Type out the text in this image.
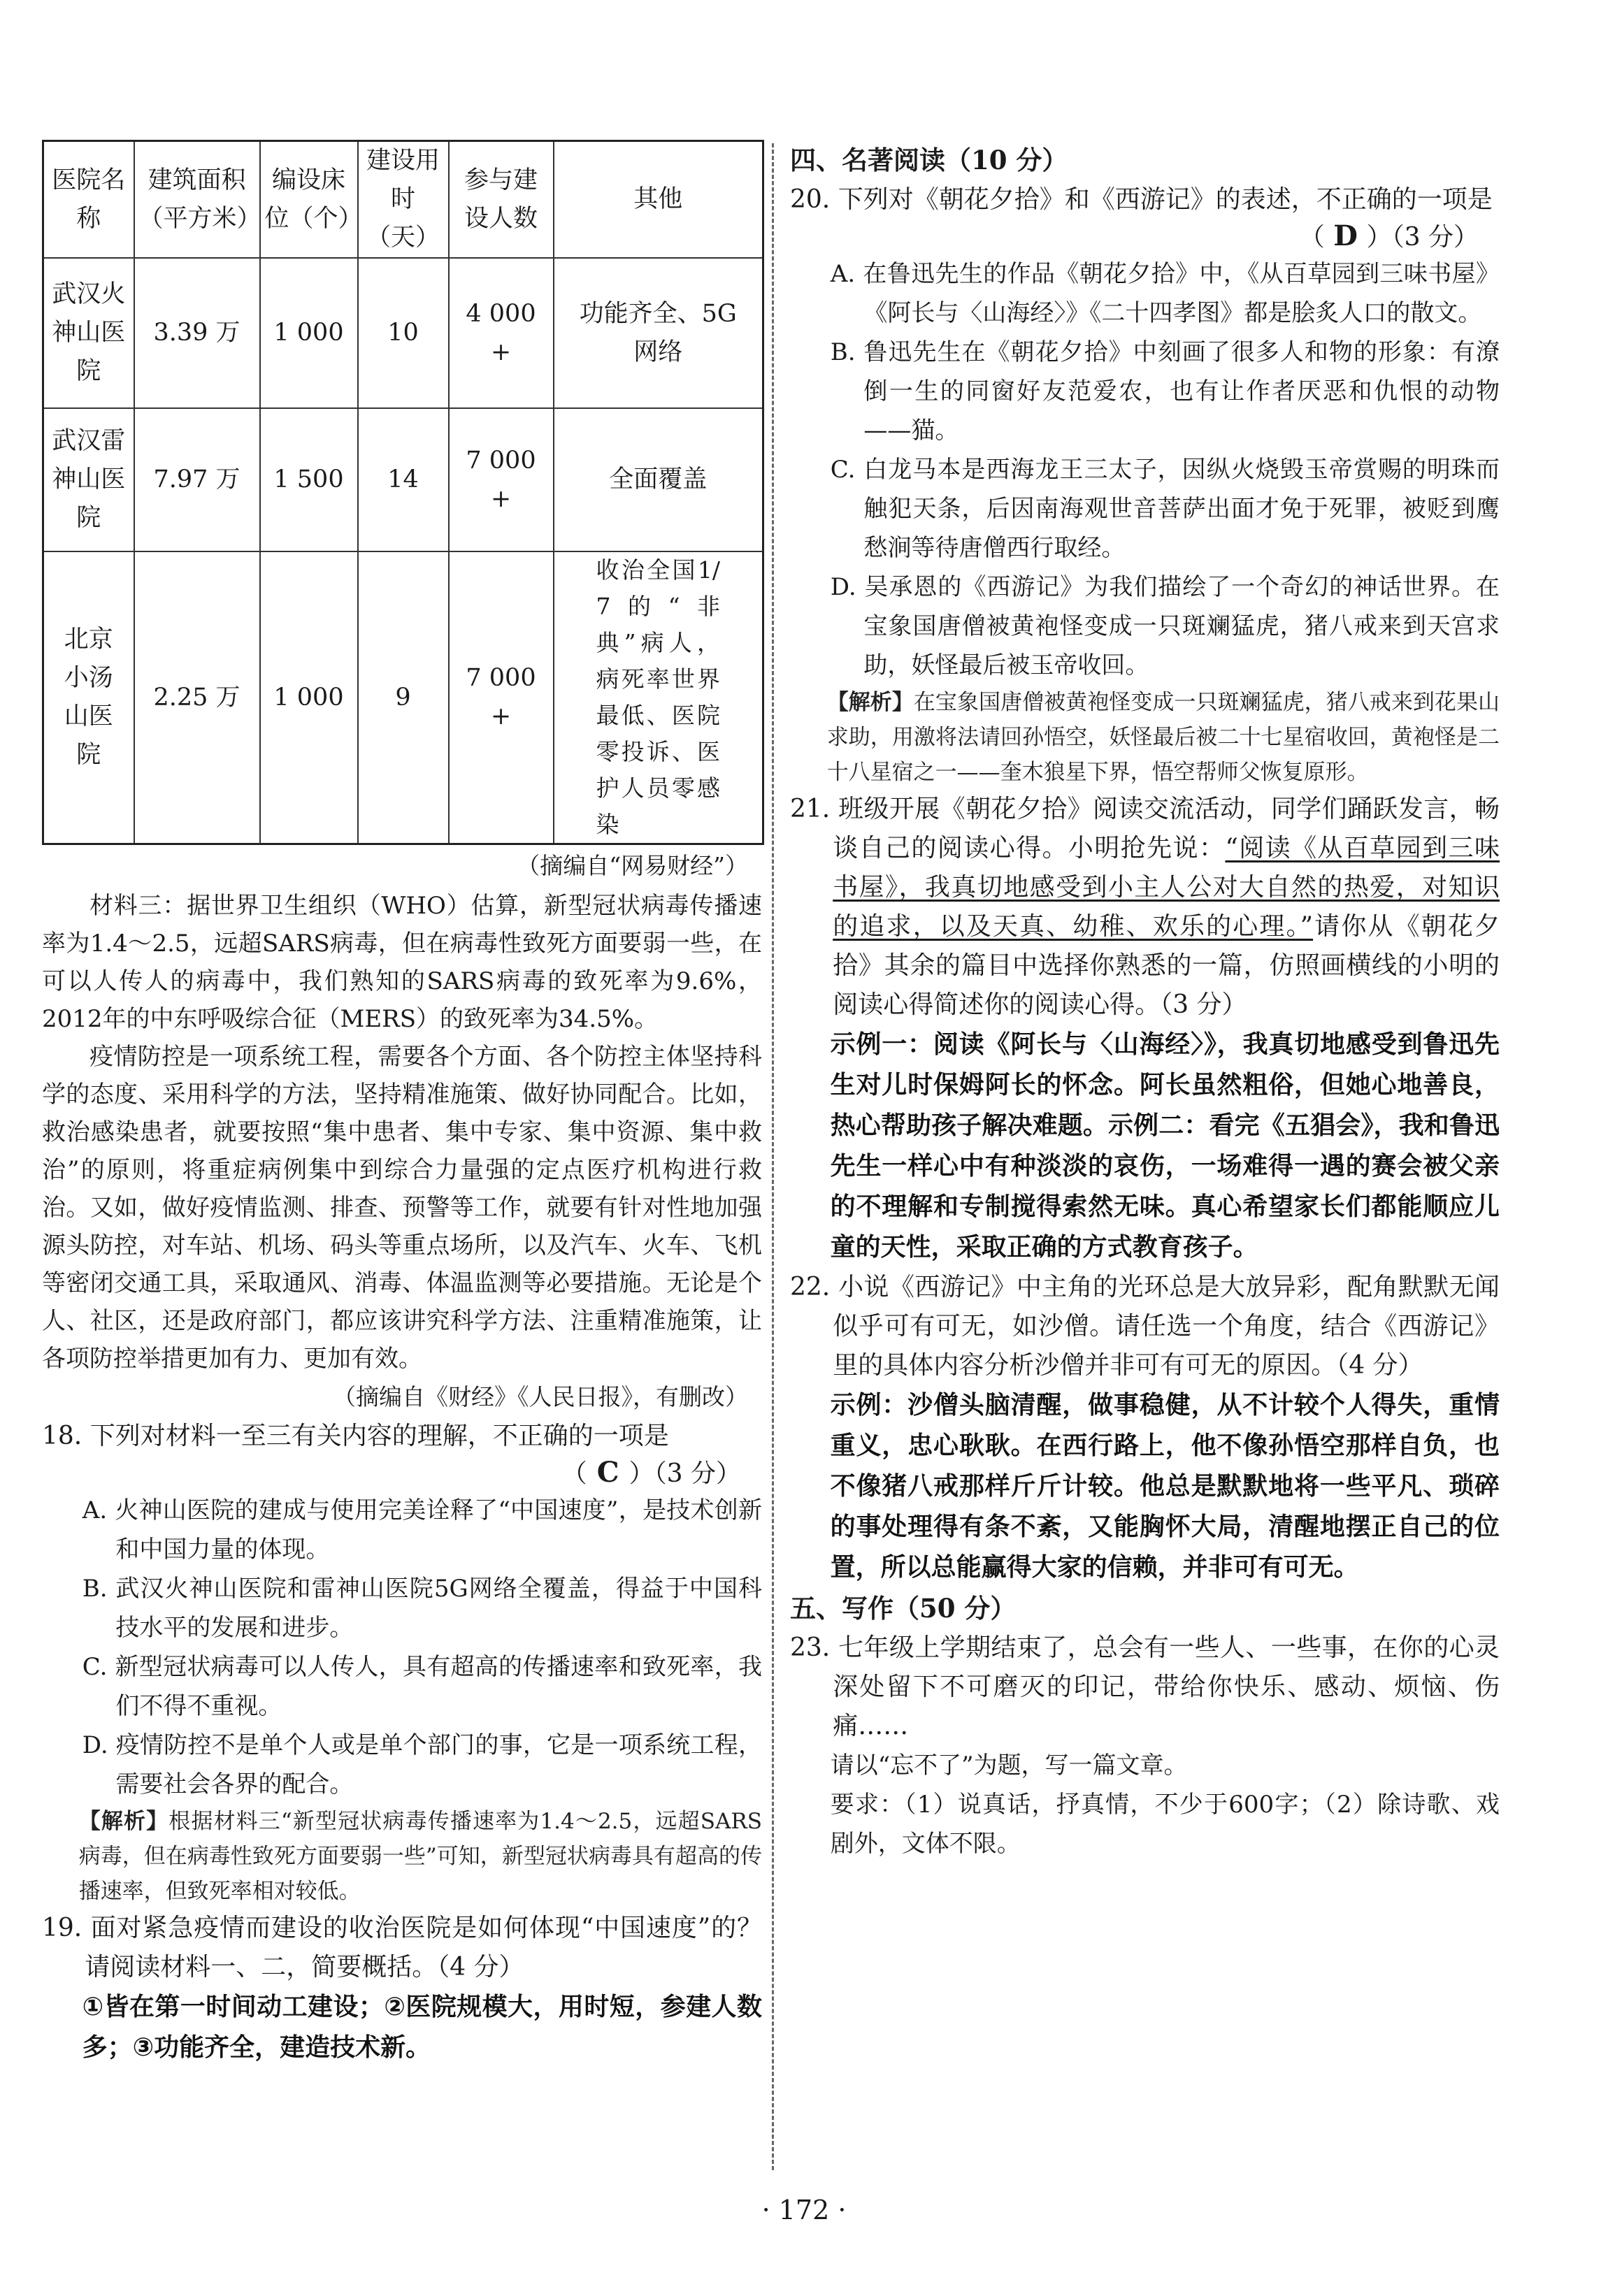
医院名称	建筑面积（平方米）	编设床位（个）	建设用时（天）	参与建设人数	其他
武汉火神山医院	3.39 万	1 000	10	4 000 +	功能齐全、5G 网络
武汉雷神山医院	7.97 万	1 500	14	7 000 +	全面覆盖
北京小汤山医院	2.25 万	1 000	9	7 000 +	收治全国1/7的“非典”病人，病死率世界最低、医院零投诉、医护人员零感染

（摘编自“网易财经”）

材料三：据世界卫生组织（WHO）估算，新型冠状病毒传播速率为1.4～2.5，远超SARS病毒，但在病毒性致死方面要弱一些，在可以人传人的病毒中，我们熟知的SARS病毒的致死率为9.6%，2012年的中东呼吸综合征（MERS）的致死率为34.5%。

疫情防控是一项系统工程，需要各个方面、各个防控主体坚持科学的态度、采用科学的方法，坚持精准施策、做好协同配合。比如，救治感染患者，就要按照“集中患者、集中专家、集中资源、集中救治”的原则，将重症病例集中到综合力量强的定点医疗机构进行救治。又如，做好疫情监测、排查、预警等工作，就要有针对性地加强源头防控，对车站、机场、码头等重点场所，以及汽车、火车、飞机等密闭交通工具，采取通风、消毒、体温监测等必要措施。无论是个人、社区，还是政府部门，都应该讲究科学方法、注重精准施策，让各项防控举措更加有力、更加有效。

（摘编自《财经》《人民日报》，有删改）

18. 下列对材料一至三有关内容的理解，不正确的一项是

（ C ）（3 分）

A. 火神山医院的建成与使用完美诠释了“中国速度”，是技术创新和中国力量的体现。

B. 武汉火神山医院和雷神山医院5G网络全覆盖，得益于中国科技水平的发展和进步。

C. 新型冠状病毒可以人传人，具有超高的传播速率和致死率，我们不得不重视。

D. 疫情防控不是单个人或是单个部门的事，它是一项系统工程，需要社会各界的配合。

【解析】根据材料三“新型冠状病毒传播速率为1.4～2.5，远超SARS病毒，但在病毒性致死方面要弱一些”可知，新型冠状病毒具有超高的传播速率，但致死率相对较低。

19. 面对紧急疫情而建设的收治医院是如何体现“中国速度”的？请阅读材料一、二，简要概括。（4 分）

①皆在第一时间动工建设；②医院规模大，用时短，参建人数多；③功能齐全，建造技术新。

四、名著阅读（10 分）

20. 下列对《朝花夕拾》和《西游记》的表述，不正确的一项是

（ D ）（3 分）

A. 在鲁迅先生的作品《朝花夕拾》中，《从百草园到三味书屋》《阿长与〈山海经〉》《二十四孝图》都是脍炙人口的散文。

B. 鲁迅先生在《朝花夕拾》中刻画了很多人和物的形象：有潦倒一生的同窗好友范爱农，也有让作者厌恶和仇恨的动物——猫。

C. 白龙马本是西海龙王三太子，因纵火烧毁玉帝赏赐的明珠而触犯天条，后因南海观世音菩萨出面才免于死罪，被贬到鹰愁涧等待唐僧西行取经。

D. 吴承恩的《西游记》为我们描绘了一个奇幻的神话世界。在宝象国唐僧被黄袍怪变成一只斑斓猛虎，猪八戒来到天宫求助，妖怪最后被玉帝收回。

【解析】在宝象国唐僧被黄袍怪变成一只斑斓猛虎，猪八戒来到花果山求助，用激将法请回孙悟空，妖怪最后被二十七星宿收回，黄袍怪是二十八星宿之一——奎木狼星下界，悟空帮师父恢复原形。

21. 班级开展《朝花夕拾》阅读交流活动，同学们踊跃发言，畅谈自己的阅读心得。小明抢先说：“阅读《从百草园到三味书屋》，我真切地感受到小主人公对大自然的热爱，对知识的追求，以及天真、幼稚、欢乐的心理。”请你从《朝花夕拾》其余的篇目中选择你熟悉的一篇，仿照画横线的小明的阅读心得简述你的阅读心得。（3 分）

示例一：阅读《阿长与〈山海经〉》，我真切地感受到鲁迅先生对儿时保姆阿长的怀念。阿长虽然粗俗，但她心地善良，热心帮助孩子解决难题。示例二：看完《五猖会》，我和鲁迅先生一样心中有种淡淡的哀伤，一场难得一遇的赛会被父亲的不理解和专制搅得索然无味。真心希望家长们都能顺应儿童的天性，采取正确的方式教育孩子。

22. 小说《西游记》中主角的光环总是大放异彩，配角默默无闻似乎可有可无，如沙僧。请任选一个角度，结合《西游记》里的具体内容分析沙僧并非可有可无的原因。（4 分）

示例：沙僧头脑清醒，做事稳健，从不计较个人得失，重情重义，忠心耿耿。在西行路上，他不像孙悟空那样自负，也不像猪八戒那样斤斤计较。他总是默默地将一些平凡、琐碎的事处理得有条不紊，又能胸怀大局，清醒地摆正自己的位置，所以总能赢得大家的信赖，并非可有可无。

五、写作（50 分）

23. 七年级上学期结束了，总会有一些人、一些事，在你的心灵深处留下不可磨灭的印记，带给你快乐、感动、烦恼、伤痛……

请以“忘不了”为题，写一篇文章。

要求：（1）说真话，抒真情，不少于600字；（2）除诗歌、戏剧外，文体不限。

· 172 ·
